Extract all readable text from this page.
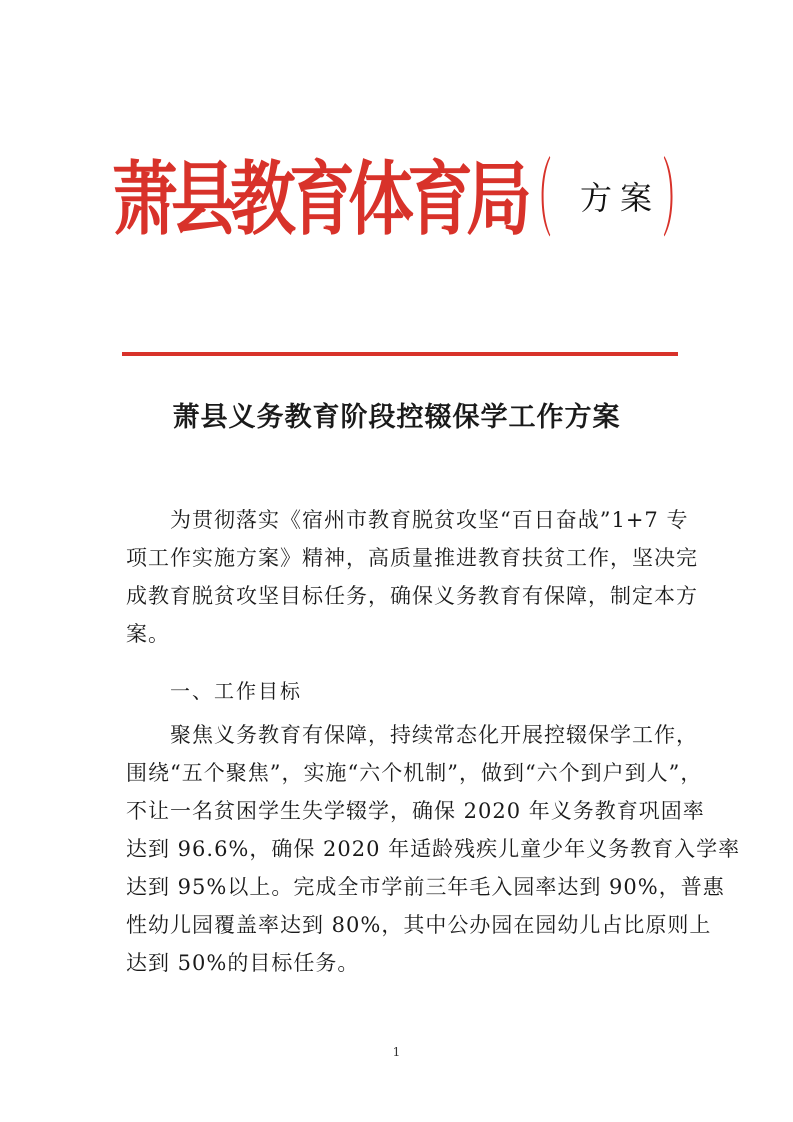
萧县教育体育局
（ 方案 ）
萧县义务教育阶段控辍保学工作方案
为贯彻落实《宿州市教育脱贫攻坚“百日奋战”1+7 专
项工作实施方案》精神，高质量推进教育扶贫工作，坚决完
成教育脱贫攻坚目标任务，确保义务教育有保障，制定本方
案。
一、工作目标
聚焦义务教育有保障，持续常态化开展控辍保学工作，
围绕“五个聚焦”，实施“六个机制”，做到“六个到户到人”，
不让一名贫困学生失学辍学，确保 2020 年义务教育巩固率
达到 96.6%，确保 2020 年适龄残疾儿童少年义务教育入学率
达到 95%以上。完成全市学前三年毛入园率达到 90%，普惠
性幼儿园覆盖率达到 80%，其中公办园在园幼儿占比原则上
达到 50%的目标任务。
1
